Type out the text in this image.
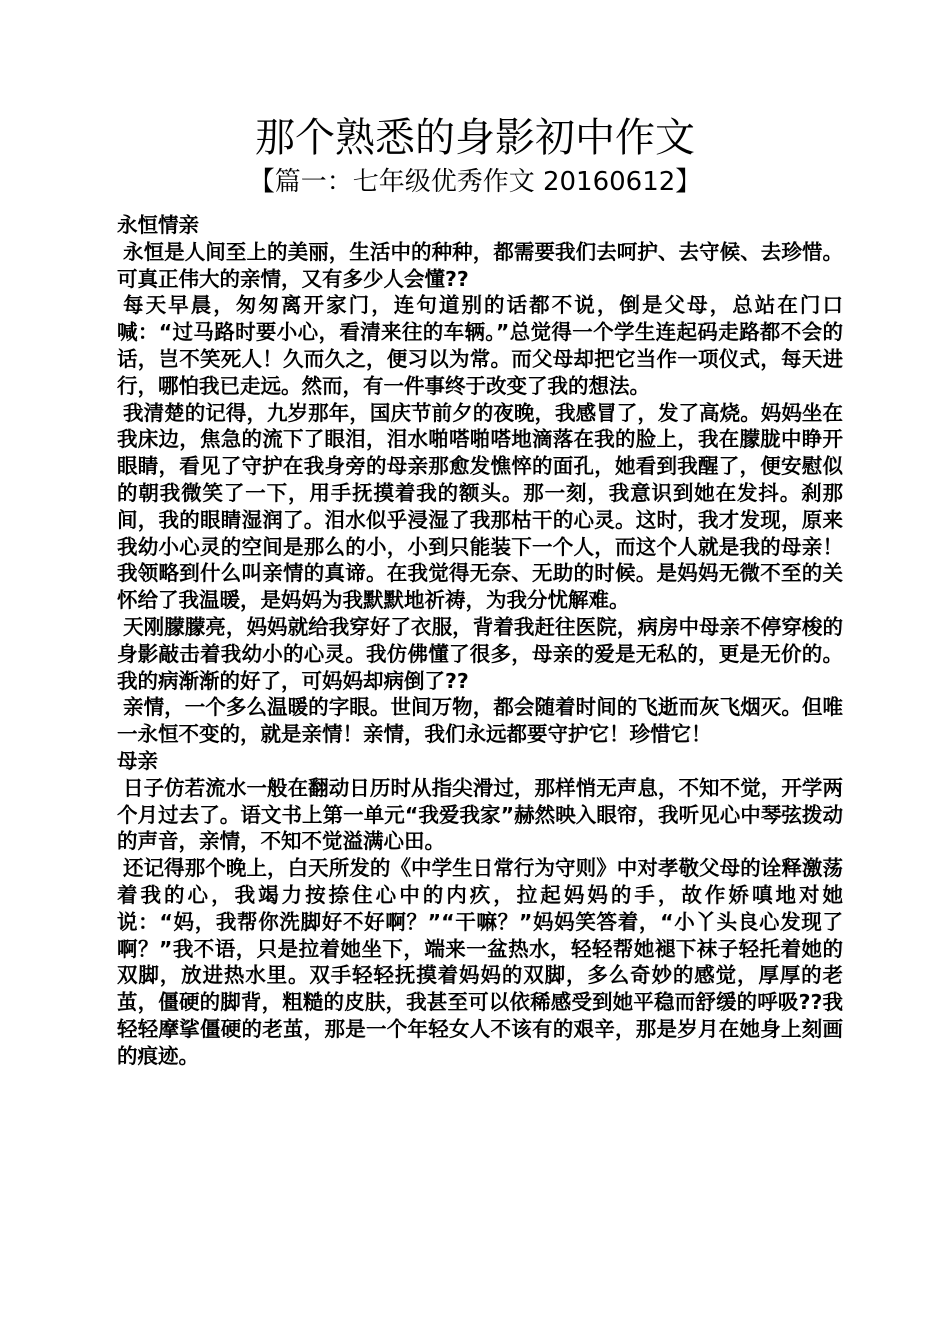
那个熟悉的身影初中作文
【篇一：七年级优秀作文 20160612】

永恒情亲

永恒是人间至上的美丽，生活中的种种，都需要我们去呵护、去守候、去珍惜。可真正伟大的亲情，又有多少人会懂??

每天早晨，匆匆离开家门，连句道别的话都不说，倒是父母，总站在门口喊：“过马路时要小心，看清来往的车辆。”总觉得一个学生连起码走路都不会的话，岂不笑死人！久而久之，便习以为常。而父母却把它当作一项仪式，每天进行，哪怕我已走远。然而，有一件事终于改变了我的想法。

我清楚的记得，九岁那年，国庆节前夕的夜晚，我感冒了，发了高烧。妈妈坐在我床边，焦急的流下了眼泪，泪水啪嗒啪嗒地滴落在我的脸上，我在朦胧中睁开眼睛，看见了守护在我身旁的母亲那愈发憔悴的面孔，她看到我醒了，便安慰似的朝我微笑了一下，用手抚摸着我的额头。那一刻，我意识到她在发抖。刹那间，我的眼睛湿润了。泪水似乎浸湿了我那枯干的心灵。这时，我才发现，原来我幼小心灵的空间是那么的小，小到只能装下一个人，而这个人就是我的母亲！我领略到什么叫亲情的真谛。在我觉得无奈、无助的时候。是妈妈无微不至的关怀给了我温暖，是妈妈为我默默地祈祷，为我分忧解难。

天刚朦朦亮，妈妈就给我穿好了衣服，背着我赶往医院，病房中母亲不停穿梭的身影敲击着我幼小的心灵。我仿佛懂了很多，母亲的爱是无私的，更是无价的。我的病渐渐的好了，可妈妈却病倒了??

亲情，一个多么温暖的字眼。世间万物，都会随着时间的飞逝而灰飞烟灭。但唯一永恒不变的，就是亲情！亲情，我们永远都要守护它！珍惜它！

母亲

日子仿若流水一般在翻动日历时从指尖滑过，那样悄无声息，不知不觉，开学两个月过去了。语文书上第一单元“我爱我家”赫然映入眼帘，我听见心中琴弦拨动的声音，亲情，不知不觉溢满心田。

还记得那个晚上，白天所发的《中学生日常行为守则》中对孝敬父母的诠释激荡着我的心，我竭力按捺住心中的内疚，拉起妈妈的手，故作娇嗔地对她说：“妈，我帮你洗脚好不好啊？”“干嘛？”妈妈笑答着，“小丫头良心发现了啊？”我不语，只是拉着她坐下，端来一盆热水，轻轻帮她褪下袜子轻托着她的双脚，放进热水里。双手轻轻抚摸着妈妈的双脚，多么奇妙的感觉，厚厚的老茧，僵硬的脚背，粗糙的皮肤，我甚至可以依稀感受到她平稳而舒缓的呼吸??我轻轻摩挲僵硬的老茧，那是一个年轻女人不该有的艰辛，那是岁月在她身上刻画的痕迹。
